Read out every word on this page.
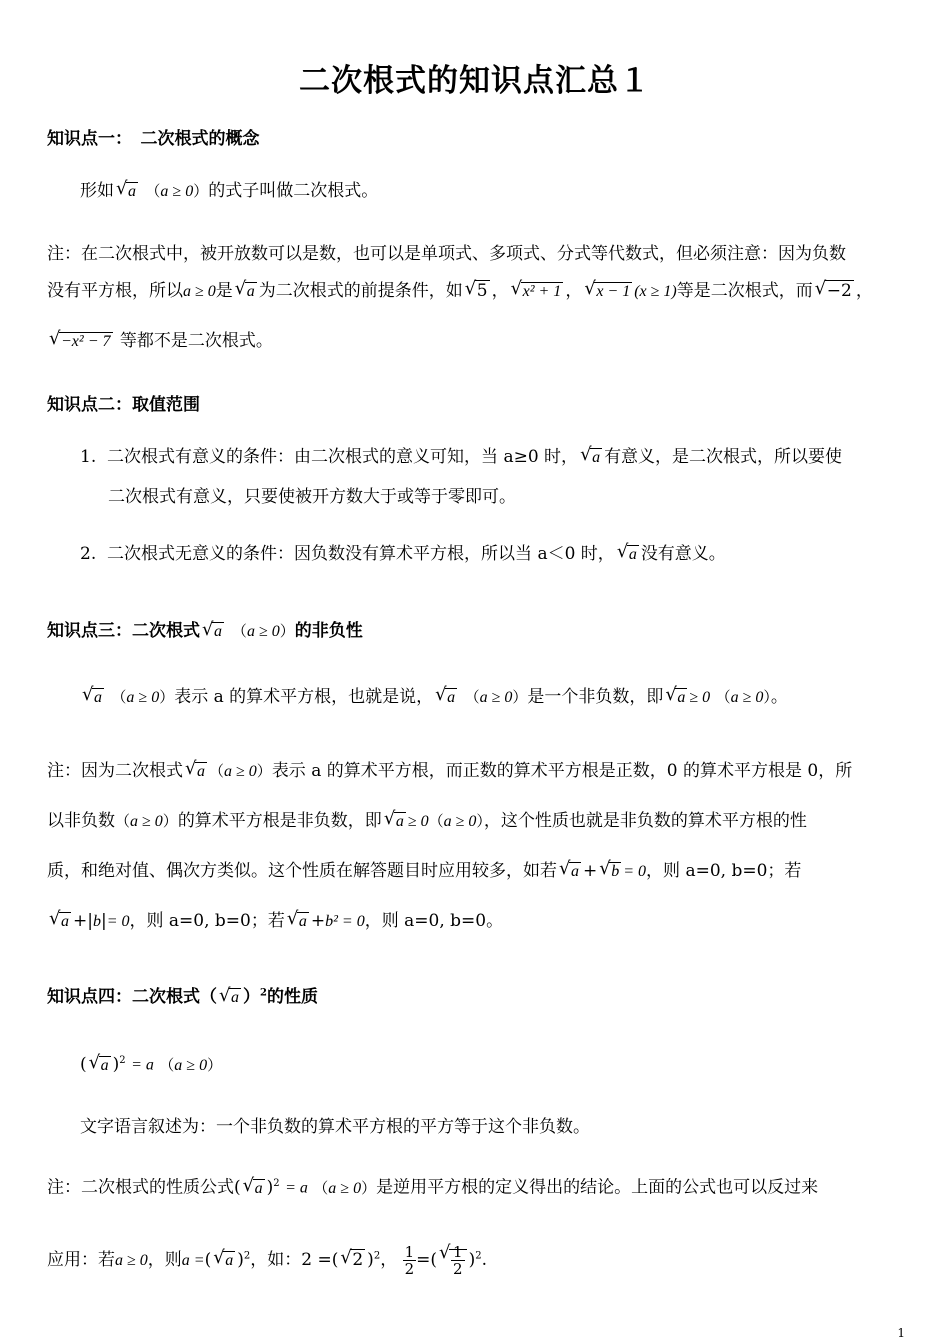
二次根式的知识点汇总１
知识点一：　二次根式的概念
形如 √ a （a ≥ 0）的式子叫做二次根式。
注：在二次根式中，被开放数可以是数，也可以是单项式、多项式、分式等代数式，但必须注意：因为负数
没有平方根，所以a ≥ 0是 √ a 为二次根式的前提条件，如 √ 5 ， √ x² + 1 ， √ x − 1 (x ≥ 1)等是二次根式，而 √ −2 ，
√ −x² − 7 等都不是二次根式。
知识点二：取值范围
1. 二次根式有意义的条件：由二次根式的意义可知，当 a≥0 时， √ a 有意义，是二次根式，所以要使
二次根式有意义，只要使被开方数大于或等于零即可。
2. 二次根式无意义的条件：因负数没有算术平方根，所以当 a＜0 时， √ a 没有意义。
知识点三：二次根式 √ a （a ≥ 0）的非负性
√ a （a ≥ 0）表示 a 的算术平方根，也就是说， √ a （a ≥ 0）是一个非负数，即 √ a ≥ 0 （a ≥ 0）。
注：因为二次根式 √ a （a ≥ 0）表示 a 的算术平方根，而正数的算术平方根是正数，0 的算术平方根是 0，所
以非负数（a ≥ 0）的算术平方根是非负数，即 √ a ≥ 0（a ≥ 0），这个性质也就是非负数的算术平方根的性
质，和绝对值、偶次方类似。这个性质在解答题目时应用较多，如若 √ a + √ b = 0，则 a=0, b=0；若
√ a +|b|= 0，则 a=0, b=0；若 √ a +b² = 0，则 a=0, b=0。
知识点四：二次根式（ √ a ）$^2$的性质
( √ a )$^2$ = a （a ≥ 0）
文字语言叙述为：一个非负数的算术平方根的平方等于这个非负数。
注：二次根式的性质公式( √ a )$^2$ = a （a ≥ 0）是逆用平方根的定义得出的结论。上面的公式也可以反过来
应用：若a ≥ 0，则a =( √ a )$^2$，如：2 =( √ 2 )$^2$， $\frac{1}{2}$ =( √ $\frac{1}{2} )^2$.
1
